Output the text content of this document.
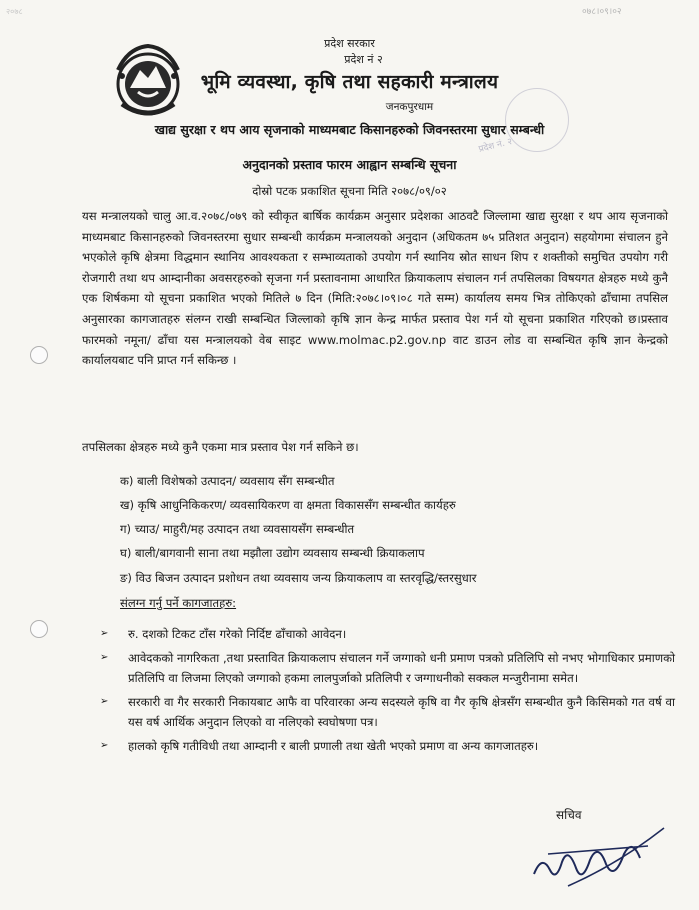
२०७८	०७८।०९।०२
प्रदेश सरकार
प्रदेश नं २
भूमि व्यवस्था, कृषि तथा सहकारी मन्त्रालय
जनकपुरधाम
प्रदेश नं. २
खाद्य सुरक्षा र थप आय सृजनाको माध्यमबाट किसानहरुको जिवनस्तरमा सुधार सम्बन्धी
अनुदानको प्रस्ताव फारम आह्वान सम्बन्धि सूचना
दोस्रो पटक प्रकाशित सूचना मिति २०७८/०९/०२
यस मन्त्रालयको चालु आ.व.२०७८/०७९ को स्वीकृत बार्षिक कार्यक्रम अनुसार प्रदेशका आठवटै जिल्लामा खाद्य सुरक्षा र थप आय सृजनाको माध्यमबाट किसानहरुको जिवनस्तरमा सुधार सम्बन्धी कार्यक्रम मन्त्रालयको अनुदान (अधिकतम ७५ प्रतिशत अनुदान) सहयोगमा संचालन हुने भएकोले कृषि क्षेत्रमा विद्धमान स्थानिय आवश्यकता र सम्भाव्यताको उपयोग गर्न स्थानिय स्रोत साधन शिप र शक्तीको समुचित उपयोग गरी रोजगारी तथा थप आम्दानीका अवसरहरुको सृजना गर्न प्रस्तावनामा आधारित क्रियाकलाप संचालन गर्न तपसिलका विषयगत क्षेत्रहरु मध्ये कुनै एक शिर्षकमा यो सूचना प्रकाशित भएको मितिले ७ दिन (मिति:२०७८।०९।०८ गते सम्म) कार्यालय समय भित्र तोकिएको ढाँचामा तपसिल अनुसारका कागजातहरु संलग्न राखी सम्बन्धित जिल्लाको कृषि ज्ञान केन्द्र मार्फत प्रस्ताव पेश गर्न यो सूचना प्रकाशित गरिएको छ।प्रस्ताव फारमको नमूना/ ढाँचा यस मन्त्रालयको वेब साइट www.molmac.p2.gov.np वाट डाउन लोड वा सम्बन्धित कृषि ज्ञान केन्द्रको कार्यालयबाट पनि प्राप्त गर्न सकिन्छ ।
तपसिलका क्षेत्रहरु मध्ये कुनै एकमा मात्र प्रस्ताव पेश गर्न सकिने छ।
क) बाली विशेषको उत्पादन/ व्यवसाय सँग सम्बन्धीत
ख) कृषि आधुनिकिकरण/ व्यवसायिकरण वा क्षमता विकाससँग सम्बन्धीत कार्यहरु
ग) च्याउ/ माहुरी/मह उत्पादन तथा व्यवसायसँग सम्बन्धीत
घ) बाली/बागवानी साना तथा मझौला उद्योग व्यवसाय सम्बन्धी क्रियाकलाप
ङ) विउ बिजन उत्पादन प्रशोधन तथा व्यवसाय जन्य क्रियाकलाप वा स्तरवृद्धि/स्तरसुधार
संलग्न गर्नु पर्ने कागजातहरु:
➢ रु. दशको टिकट टाँस गरेको निर्दिष्ट ढाँचाको आवेदन।
➢ आवेदकको नागरिकता ,तथा प्रस्तावित क्रियाकलाप संचालन गर्ने जग्गाको धनी प्रमाण पत्रको प्रतिलिपि सो नभए भोगाधिकार प्रमाणको प्रतिलिपि वा लिजमा लिएको जग्गाको हकमा लालपुर्जाको प्रतिलिपी र जग्गाधनीको सक्कल मन्जुरीनामा समेत।
➢ सरकारी वा गैर सरकारी निकायबाट आफै वा परिवारका अन्य सदस्यले कृषि वा गैर कृषि क्षेत्रसँग सम्बन्धीत कुनै किसिमको गत वर्ष वा यस वर्ष आर्थिक अनुदान लिएको वा नलिएको स्वघोषणा पत्र।
➢ हालको कृषि गतीविधी तथा आम्दानी र बाली प्रणाली तथा खेती भएको प्रमाण वा अन्य कागजातहरु।
सचिव
